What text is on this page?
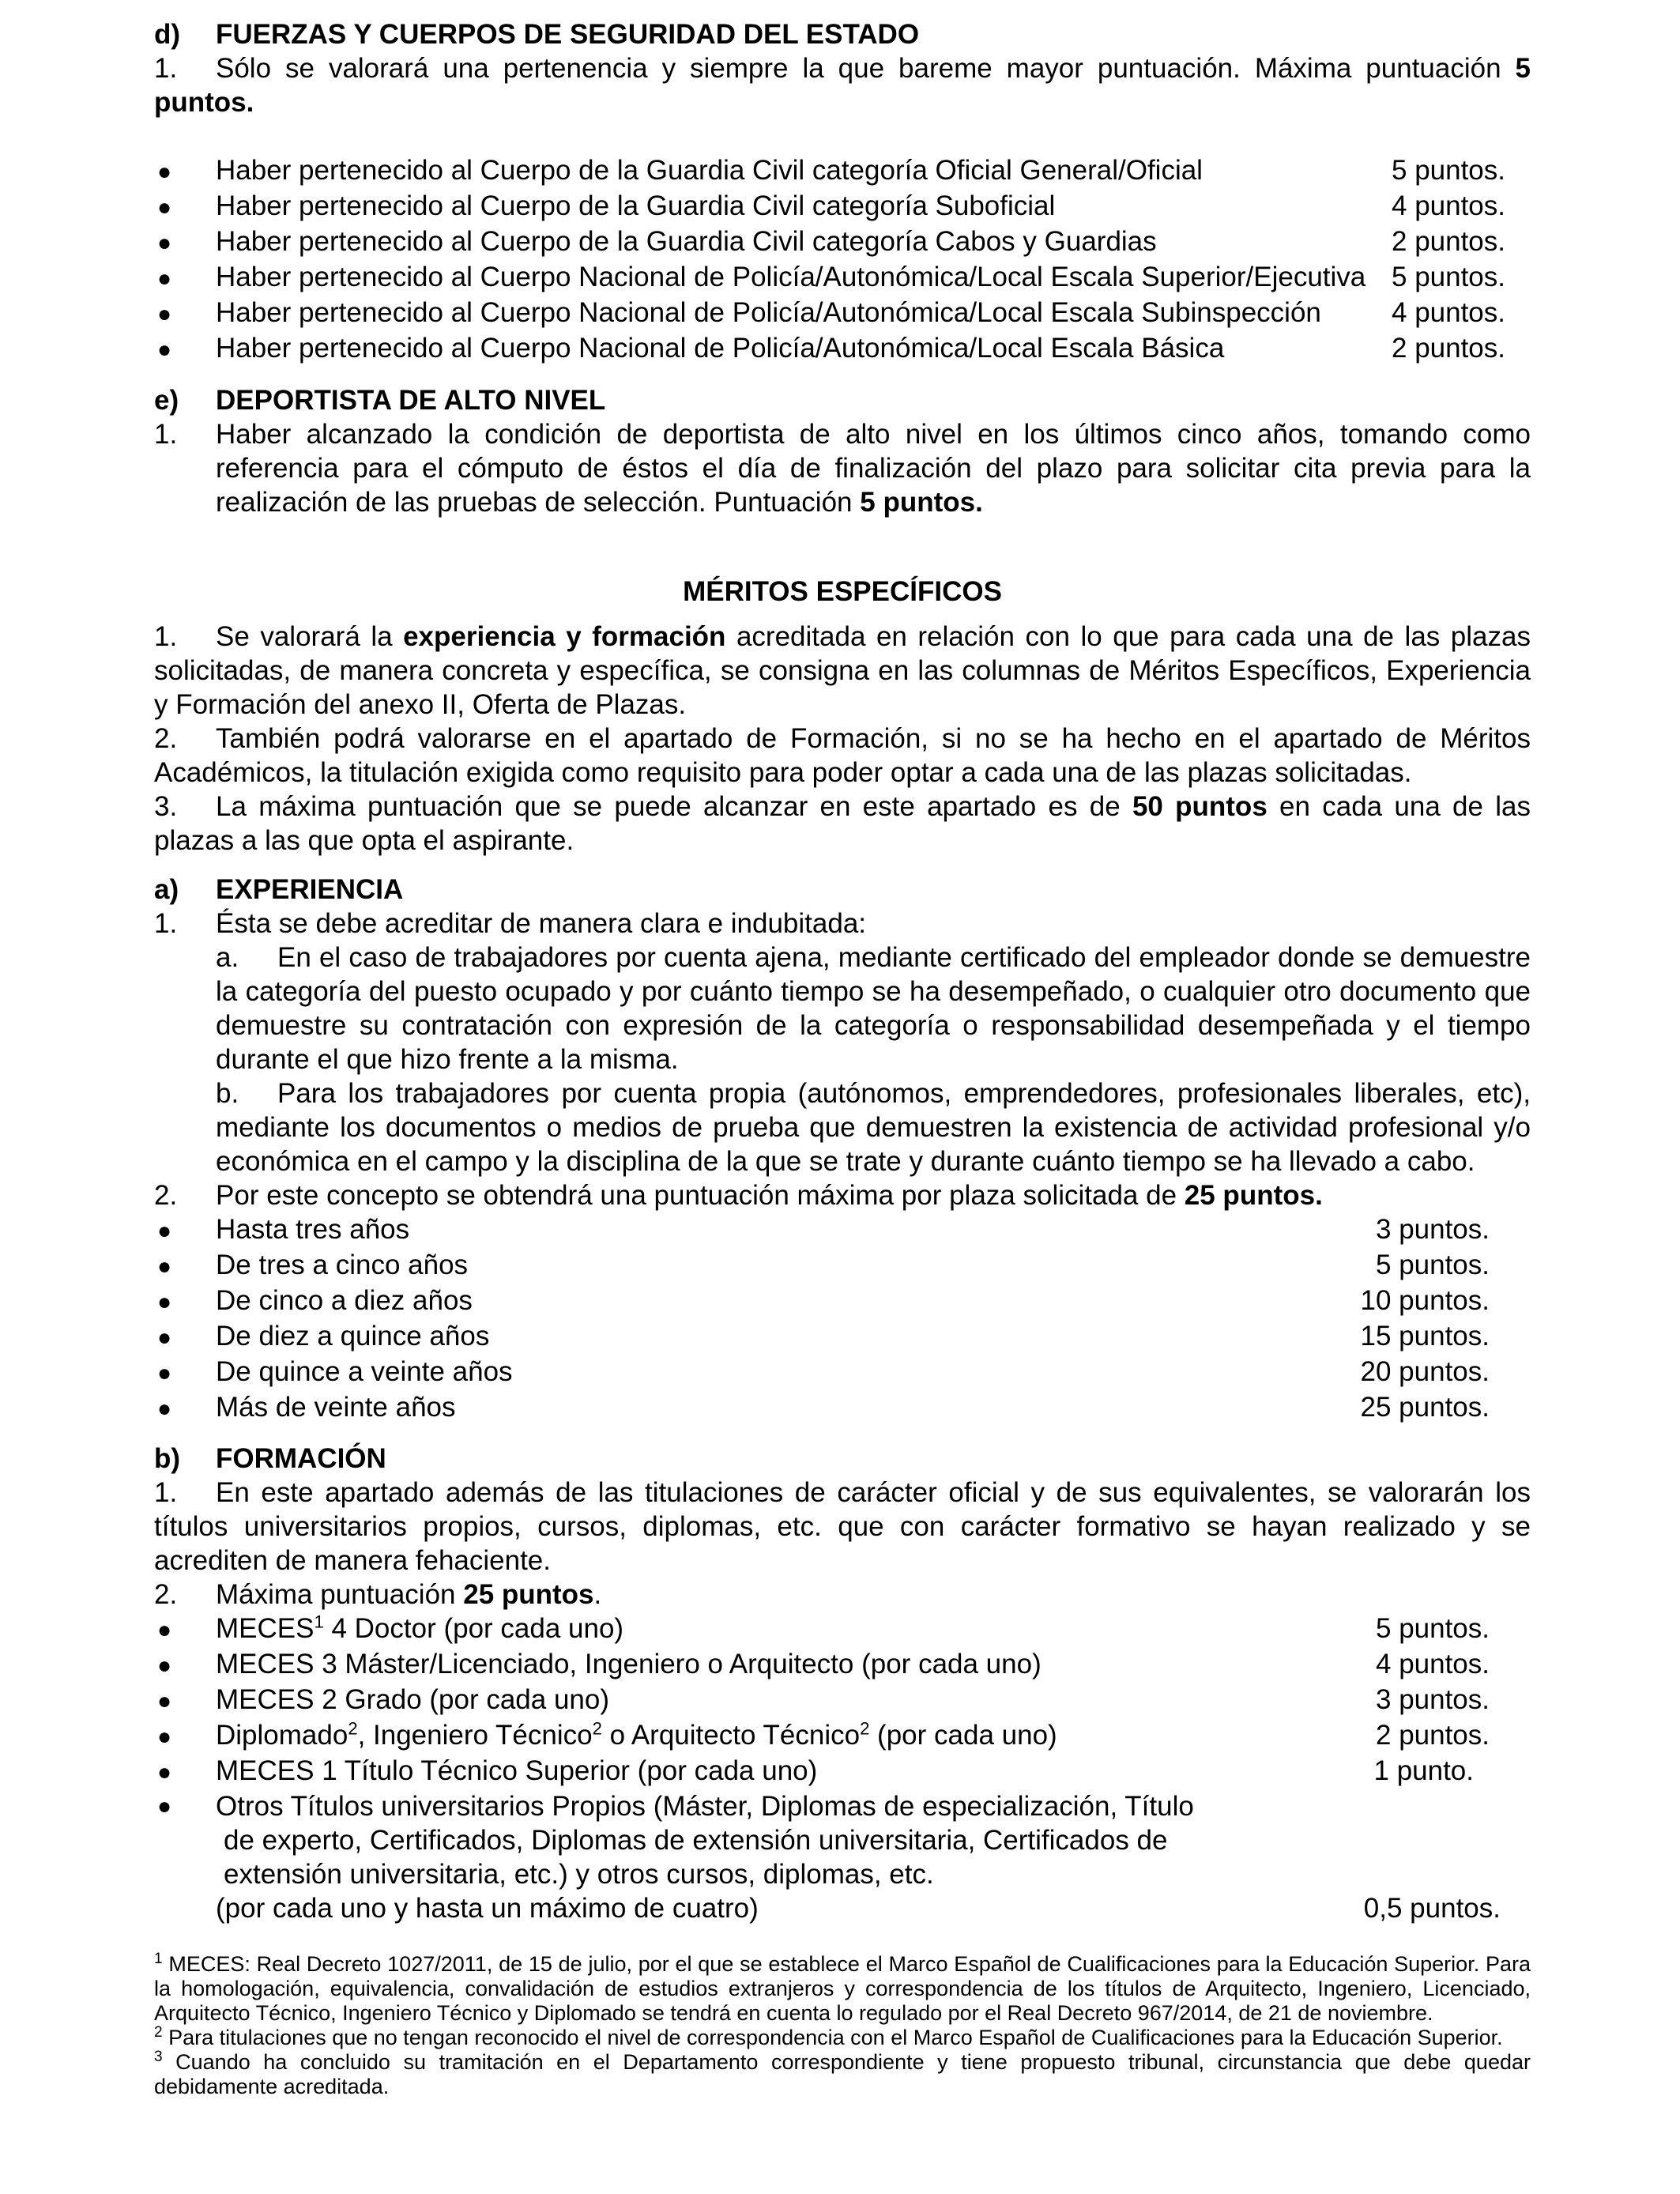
d)	FUERZAS Y CUERPOS DE SEGURIDAD DEL ESTADO

1. Sólo se valorará una pertenencia y siempre la que bareme mayor puntuación. Máxima puntuación 5 puntos.

●	Haber pertenecido al Cuerpo de la Guardia Civil categoría Oficial General/Oficial	5 puntos.
●	Haber pertenecido al Cuerpo de la Guardia Civil categoría Suboficial	4 puntos.
●	Haber pertenecido al Cuerpo de la Guardia Civil categoría Cabos y Guardias	2 puntos.
●	Haber pertenecido al Cuerpo Nacional de Policía/Autonómica/Local Escala Superior/Ejecutiva 5 puntos.
●	Haber pertenecido al Cuerpo Nacional de Policía/Autonómica/Local Escala Subinspección	4 puntos.
●	Haber pertenecido al Cuerpo Nacional de Policía/Autonómica/Local Escala Básica	2 puntos.
e)	DEPORTISTA DE ALTO NIVEL
1.	Haber alcanzado la condición de deportista de alto nivel en los últimos cinco años, tomando como referencia para el cómputo de éstos el día de finalización del plazo para solicitar cita previa para la realización de las pruebas de selección. Puntuación 5 puntos.
MÉRITOS ESPECÍFICOS

1. Se valorará la experiencia y formación acreditada en relación con lo que para cada una de las plazas solicitadas, de manera concreta y específica, se consigna en las columnas de Méritos Específicos, Experiencia y Formación del anexo II, Oferta de Plazas.

2. También podrá valorarse en el apartado de Formación, si no se ha hecho en el apartado de Méritos Académicos, la titulación exigida como requisito para poder optar a cada una de las plazas solicitadas.

3. La máxima puntuación que se puede alcanzar en este apartado es de 50 puntos en cada una de las plazas a las que opta el aspirante.

a)	EXPERIENCIA
1.	Ésta se debe acreditar de manera clara e indubitada:
a. En el caso de trabajadores por cuenta ajena, mediante certificado del empleador donde se demuestre la categoría del puesto ocupado y por cuánto tiempo se ha desempeñado, o cualquier otro documento que demuestre su contratación con expresión de la categoría o responsabilidad desempeñada y el tiempo durante el que hizo frente a la misma.
b. Para los trabajadores por cuenta propia (autónomos, emprendedores, profesionales liberales, etc), mediante los documentos o medios de prueba que demuestren la existencia de actividad profesional y/o económica en el campo y la disciplina de la que se trate y durante cuánto tiempo se ha llevado a cabo.
2.	Por este concepto se obtendrá una puntuación máxima por plaza solicitada de 25 puntos.
●	Hasta tres años	3 puntos.
●	De tres a cinco años	5 puntos.
●	De cinco a diez años	10 puntos.
●	De diez a quince años	15 puntos.
●	De quince a veinte años	20 puntos.
●	Más de veinte años	25 puntos.
b)	FORMACIÓN

1. En este apartado además de las titulaciones de carácter oficial y de sus equivalentes, se valorarán los títulos universitarios propios, cursos, diplomas, etc. que con carácter formativo se hayan realizado y se acrediten de manera fehaciente.

2.	Máxima puntuación 25 puntos.
●	MECES$^1$ 4 Doctor (por cada uno)	5 puntos.
●	MECES 3 Máster/Licenciado, Ingeniero o Arquitecto (por cada uno)	4 puntos.
●	MECES 2 Grado (por cada uno)	3 puntos.
●	Diplomado$^2$, Ingeniero Técnico$^2$ o Arquitecto Técnico$^2$ (por cada uno)	2 puntos.
●	MECES 1 Título Técnico Superior (por cada uno)	1 punto.
●	Otros Títulos universitarios Propios (Máster, Diplomas de especialización, Título
de experto, Certificados, Diplomas de extensión universitaria, Certificados de
extensión universitaria, etc.) y otros cursos, diplomas, etc.
(por cada uno y hasta un máximo de cuatro)	0,5 puntos.

$^1$ MECES: Real Decreto 1027/2011, de 15 de julio, por el que se establece el Marco Español de Cualificaciones para la Educación Superior. Para la homologación, equivalencia, convalidación de estudios extranjeros y correspondencia de los títulos de Arquitecto, Ingeniero, Licenciado, Arquitecto Técnico, Ingeniero Técnico y Diplomado se tendrá en cuenta lo regulado por el Real Decreto 967/2014, de 21 de noviembre.

$^2$ Para titulaciones que no tengan reconocido el nivel de correspondencia con el Marco Español de Cualificaciones para la Educación Superior.

$^3$ Cuando ha concluido su tramitación en el Departamento correspondiente y tiene propuesto tribunal, circunstancia que debe quedar debidamente acreditada.
